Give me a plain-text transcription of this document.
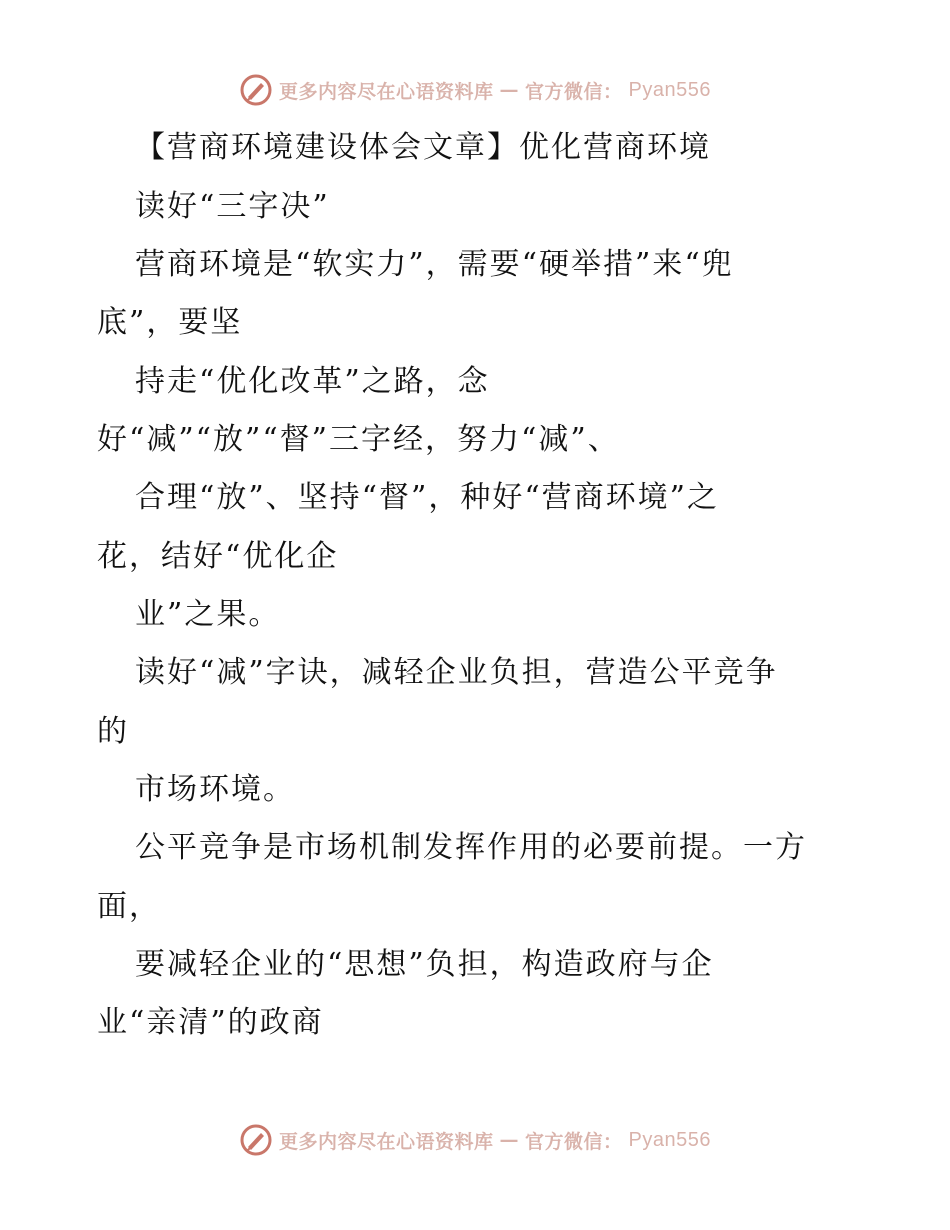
更多内容尽在心语资料库 — 官方微信： Pyan556
【营商环境建设体会文章】优化营商环境
读好“三字决”
营商环境是“软实力”，需要“硬举措”来“兜
底”，要坚
持走“优化改革”之路，念
好“减”“放”“督”三字经，努力“减”、
合理“放”、坚持“督”，种好“营商环境”之
花，结好“优化企
业”之果。
读好“减”字诀，减轻企业负担，营造公平竞争
的
市场环境。
公平竞争是市场机制发挥作用的必要前提。一方
面，
要减轻企业的“思想”负担，构造政府与企
业“亲清”的政商
更多内容尽在心语资料库 — 官方微信： Pyan556
